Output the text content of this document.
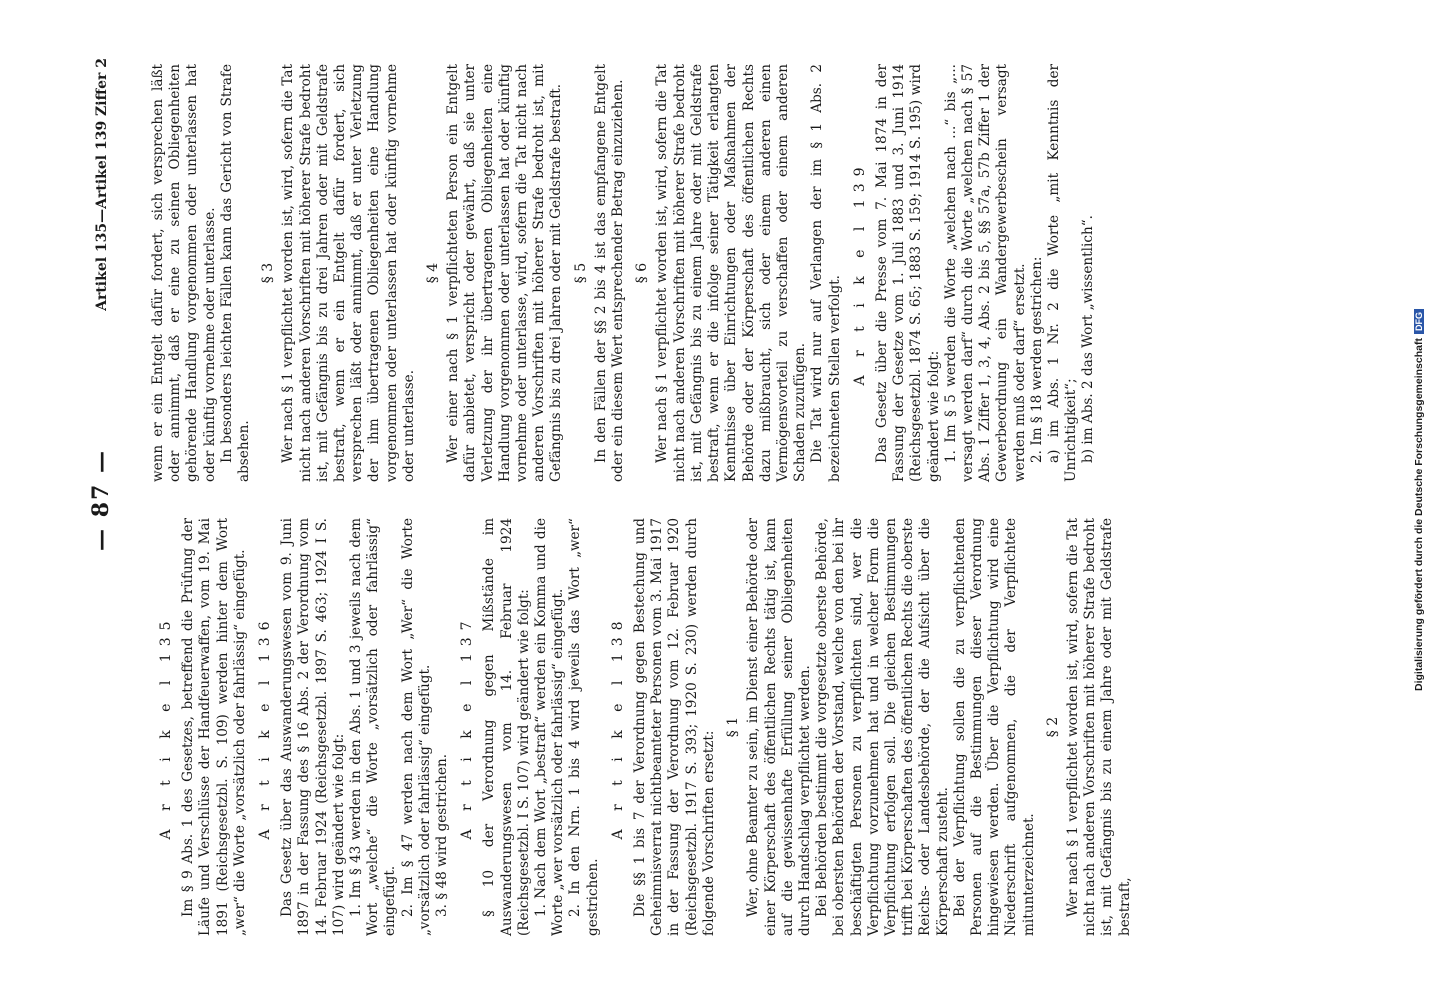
— 87 —
Artikel 135—Artikel 139 Ziffer 2
A r t i k e l 135 Im § 9 Abs. 1 des Gesetzes, betreffend die Prüfung der Läufe und Verschlüsse der Handfeuerwaffen, vom 19. Mai 1891 (Reichsgesetzbl. S. 109) werden hinter dem Wort „wer“ die Worte „vorsätzlich oder fahrlässig“ eingefügt. A r t i k e l 136 Das Gesetz über das Auswanderungswesen vom 9. Juni 1897 in der Fassung des § 16 Abs. 2 der Verordnung vom 14. Februar 1924 (Reichsgesetzbl. 1897 S. 463; 1924 I S. 107) wird geändert wie folgt: 1. Im § 43 werden in den Abs. 1 und 3 jeweils nach dem Wort „welche“ die Worte „vorsätzlich oder fahrlässig“ eingefügt. 2. Im § 47 werden nach dem Wort „Wer“ die Worte „vorsätzlich oder fahrlässig“ eingefügt. 3. § 48 wird gestrichen. A r t i k e l 137 § 10 der Verordnung gegen Mißstände im Auswanderungswesen vom 14. Februar 1924 (Reichsgesetzbl. I S. 107) wird geändert wie folgt: 1. Nach dem Wort „bestraft“ werden ein Komma und die Worte „wer vorsätzlich oder fahrlässig“ eingefügt. 2. In den Nrn. 1 bis 4 wird jeweils das Wort „wer“ gestrichen.

A r t i k e l 138 Die §§ 1 bis 7 der Verordnung gegen Bestechung und Geheimnisverrat nichtbeamteter Personen vom 3. Mai 1917 in der Fassung der Verordnung vom 12. Februar 1920 (Reichsgesetzbl. 1917 S. 393; 1920 S. 230) werden durch folgende Vorschriften ersetzt:

§ 1 Wer, ohne Beamter zu sein, im Dienst einer Behörde oder einer Körperschaft des öffentlichen Rechts tätig ist, kann auf die gewissenhafte Erfüllung seiner Obliegenheiten durch Handschlag verpflichtet werden. Bei Behörden bestimmt die vorgesetzte oberste Behörde, bei obersten Behörden der Vorstand, welche von den bei ihr beschäftigten Personen zu verpflichten sind, wer die Verpflichtung vorzunehmen hat und in welcher Form die Verpflichtung erfolgen soll. Die gleichen Bestimmungen trifft bei Körperschaften des öffentlichen Rechts die oberste Reichs- oder Landesbehörde, der die Aufsicht über die Körperschaft zusteht. Bei der Verpflichtung sollen die zu verpflichtenden Personen auf die Bestimmungen dieser Verordnung hingewiesen werden. Über die Verpflichtung wird eine Niederschrift aufgenommen, die der Verpflichtete mitunterzeichnet.

§ 2 Wer nach § 1 verpflichtet worden ist, wird, sofern die Tat nicht nach anderen Vorschriften mit höherer Strafe bedroht ist, mit Gefängnis bis zu einem Jahre oder mit Geldstrafe bestraft,

wenn er ein Entgelt dafür fordert, sich versprechen läßt oder annimmt, daß er eine zu seinen Obliegenheiten gehörende Handlung vorgenommen oder unterlassen hat oder künftig vornehme oder unterlasse. In besonders leichten Fällen kann das Gericht von Strafe absehen.

§ 3 Wer nach § 1 verpflichtet worden ist, wird, sofern die Tat nicht nach anderen Vorschriften mit höherer Strafe bedroht ist, mit Gefängnis bis zu drei Jahren oder mit Geldstrafe bestraft, wenn er ein Entgelt dafür fordert, sich versprechen läßt oder annimmt, daß er unter Verletzung der ihm übertragenen Obliegenheiten eine Handlung vorgenommen oder unterlassen hat oder künftig vornehme oder unterlasse.

§ 4 Wer einer nach § 1 verpflichteten Person ein Entgelt dafür anbietet, verspricht oder gewährt, daß sie unter Verletzung der ihr übertragenen Obliegenheiten eine Handlung vorgenommen oder unterlassen hat oder künftig vornehme oder unterlasse, wird, sofern die Tat nicht nach anderen Vorschriften mit höherer Strafe bedroht ist, mit Gefängnis bis zu drei Jahren oder mit Geldstrafe bestraft. § 5 In den Fällen der §§ 2 bis 4 ist das empfangene Entgelt oder ein diesem Wert entsprechender Betrag einzuziehen. § 6 Wer nach § 1 verpflichtet worden ist, wird, sofern die Tat nicht nach anderen Vorschriften mit höherer Strafe bedroht ist, mit Gefängnis bis zu einem Jahre oder mit Geldstrafe bestraft, wenn er die infolge seiner Tätigkeit erlangten Kenntnisse über Einrichtungen oder Maßnahmen der Behörde oder der Körperschaft des öffentlichen Rechts dazu mißbraucht, sich oder einem anderen einen Vermögensvorteil zu verschaffen oder einem anderen Schaden zuzufügen. Die Tat wird nur auf Verlangen der im § 1 Abs. 2 bezeichneten Stellen verfolgt. A r t i k e l 139 Das Gesetz über die Presse vom 7. Mai 1874 in der Fassung der Gesetze vom 1. Juli 1883 und 3. Juni 1914 (Reichsgesetzbl. 1874 S. 65; 1883 S. 159; 1914 S. 195) wird geändert wie folgt: 1. Im § 5 werden die Worte „welchen nach ...“ bis „... versagt werden darf“ durch die Worte „welchen nach § 57 Abs. 1 Ziffer 1, 3, 4, Abs. 2 bis 5, §§ 57a, 57b Ziffer 1 der Gewerbeordnung ein Wandergewerbeschein versagt werden muß oder darf“ ersetzt. 2. Im § 18 werden gestrichen: a) im Abs. 1 Nr. 2 die Worte „mit Kenntnis der Unrichtigkeit“; b) im Abs. 2 das Wort „wissentlich“.	Digitalisierung gefördert durch die Deutsche ForschungsgemeinschaftDFG
